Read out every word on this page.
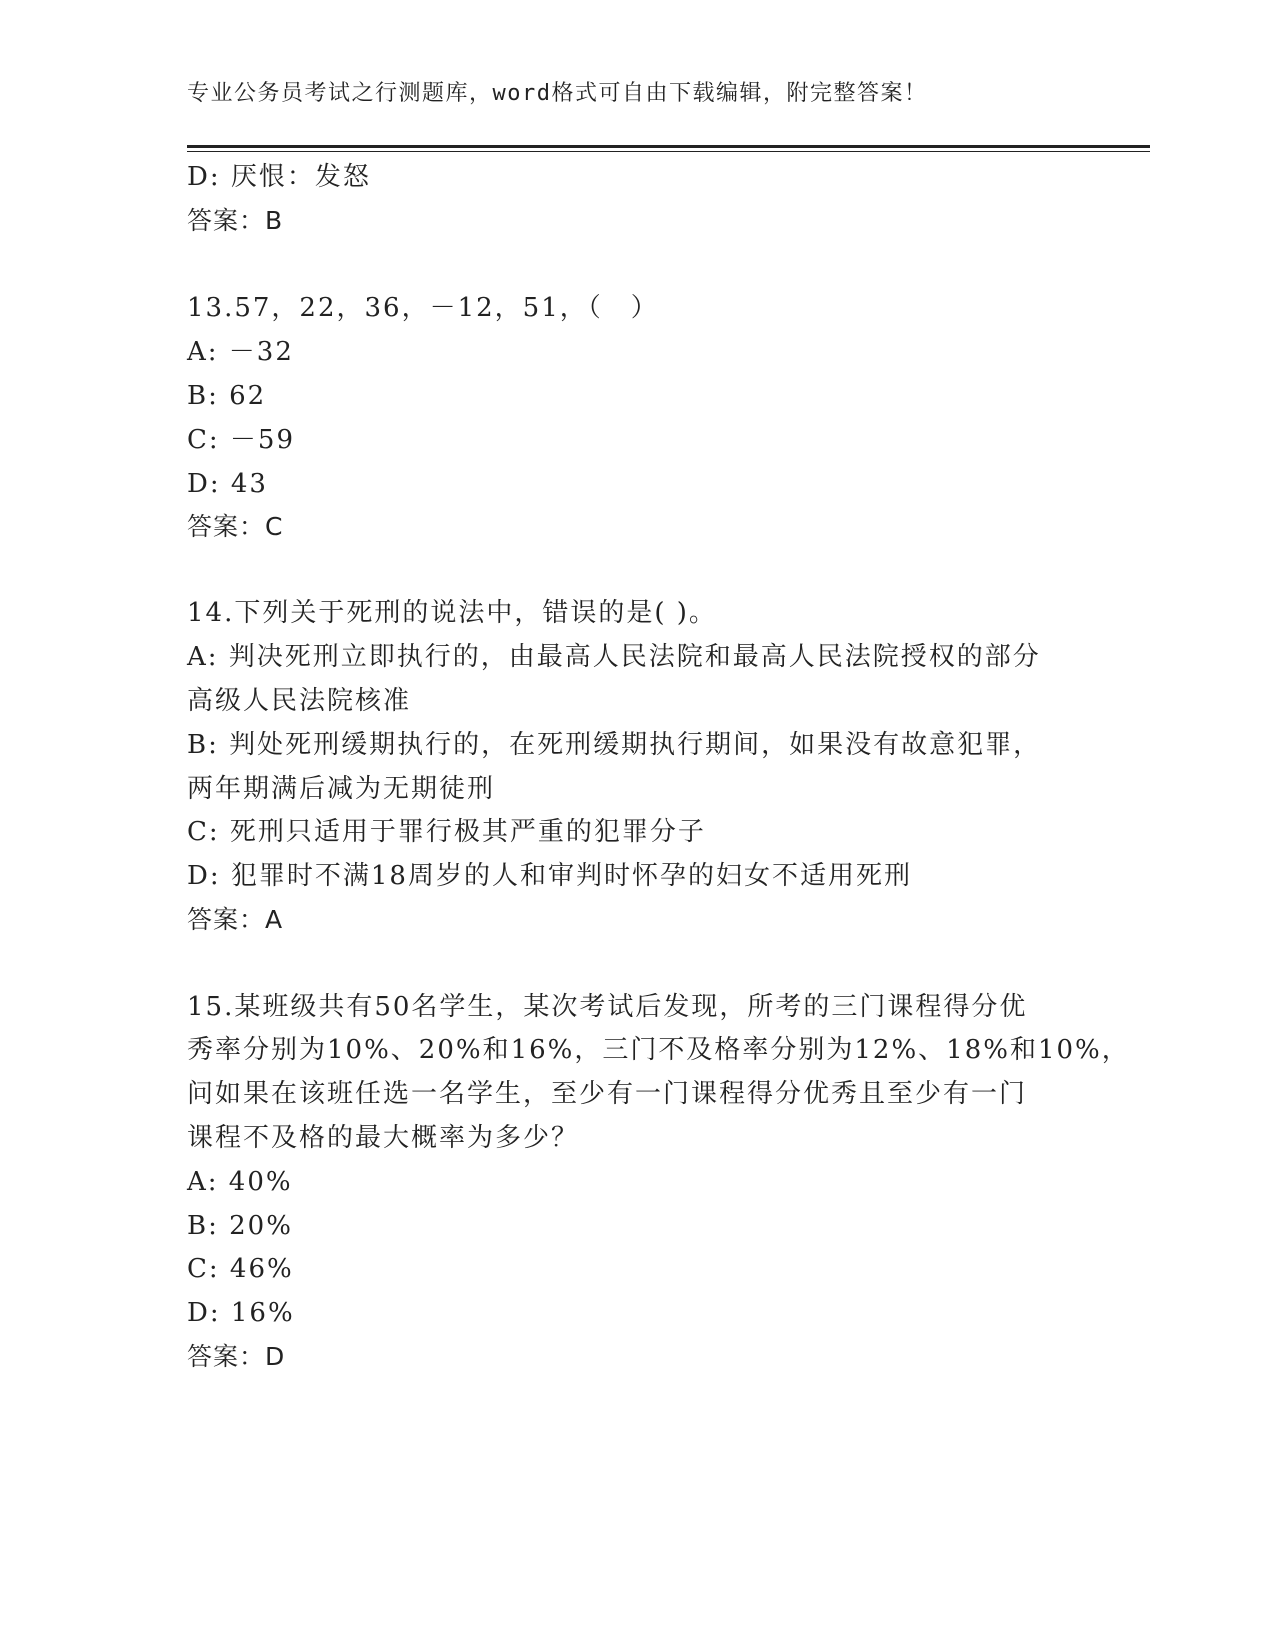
专业公务员考试之行测题库，word格式可自由下载编辑，附完整答案！
D: 厌恨：发怒
答案：B
13.57，22，36，－12，51，（　）
A: －32
B: 62
C: －59
D: 43
答案：C
14.下列关于死刑的说法中，错误的是( )。
A: 判决死刑立即执行的，由最高人民法院和最高人民法院授权的部分
高级人民法院核准
B: 判处死刑缓期执行的，在死刑缓期执行期间，如果没有故意犯罪，
两年期满后减为无期徒刑
C: 死刑只适用于罪行极其严重的犯罪分子
D: 犯罪时不满18周岁的人和审判时怀孕的妇女不适用死刑
答案：A
15.某班级共有50名学生，某次考试后发现，所考的三门课程得分优
秀率分别为10%、20%和16%，三门不及格率分别为12%、18%和10%，
问如果在该班任选一名学生，至少有一门课程得分优秀且至少有一门
课程不及格的最大概率为多少？
A: 40%
B: 20%
C: 46%
D: 16%
答案：D
